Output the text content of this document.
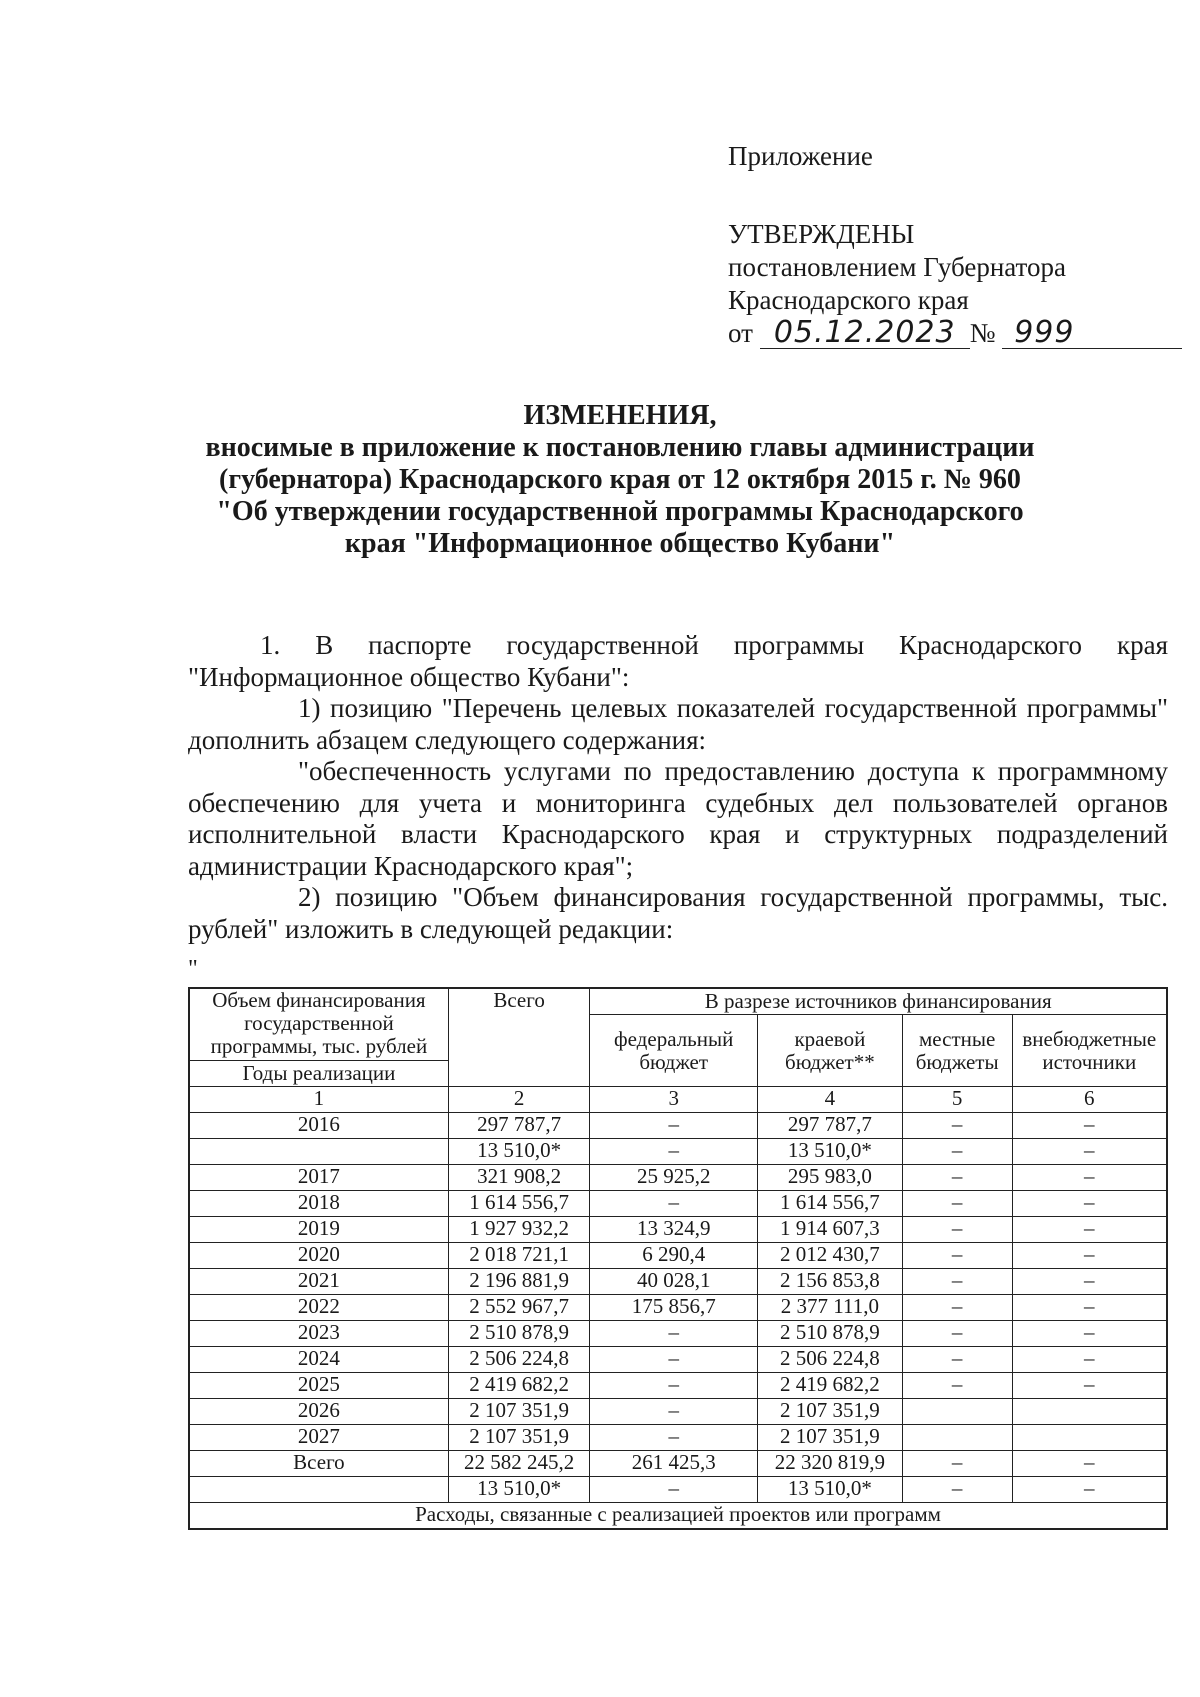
Приложение
УТВЕРЖДЕНЫ
постановлением Губернатора
Краснодарского края
от 05.12.2023 № 999
ИЗМЕНЕНИЯ,
вносимые в приложение к постановлению главы администрации
(губернатора) Краснодарского края от 12 октября 2015 г. № 960
"Об утверждении государственной программы Краснодарского
края "Информационное общество Кубани"

1. В паспорте государственной программы Краснодарского края "Информационное общество Кубани":

1) позицию "Перечень целевых показателей государственной программы" дополнить абзацем следующего содержания:

"обеспеченность услугами по предоставлению доступа к программному обеспечению для учета и мониторинга судебных дел пользователей органов исполнительной власти Краснодарского края и структурных подразделений администрации Краснодарского края";

2) позицию "Объем финансирования государственной программы, тыс. рублей" изложить в следующей редакции:

"
Объем финансирования государственной программы, тыс. рублей	Всего	В разрезе источников финансирования			
		федеральный бюджет	краевой бюджет**	местные бюджеты	внебюджетные источники
Годы реализации					
1	2	3	4	5	6
2016	297 787,7	–	297 787,7	–	–
	13 510,0*	–	13 510,0*	–	–
2017	321 908,2	25 925,2	295 983,0	–	–
2018	1 614 556,7	–	1 614 556,7	–	–
2019	1 927 932,2	13 324,9	1 914 607,3	–	–
2020	2 018 721,1	6 290,4	2 012 430,7	–	–
2021	2 196 881,9	40 028,1	2 156 853,8	–	–
2022	2 552 967,7	175 856,7	2 377 111,0	–	–
2023	2 510 878,9	–	2 510 878,9	–	–
2024	2 506 224,8	–	2 506 224,8	–	–
2025	2 419 682,2	–	2 419 682,2	–	–
2026	2 107 351,9	–	2 107 351,9		
2027	2 107 351,9	–	2 107 351,9		
Всего	22 582 245,2	261 425,3	22 320 819,9	–	–
	13 510,0*	–	13 510,0*	–	–
Расходы, связанные с реализацией проектов или программ					
